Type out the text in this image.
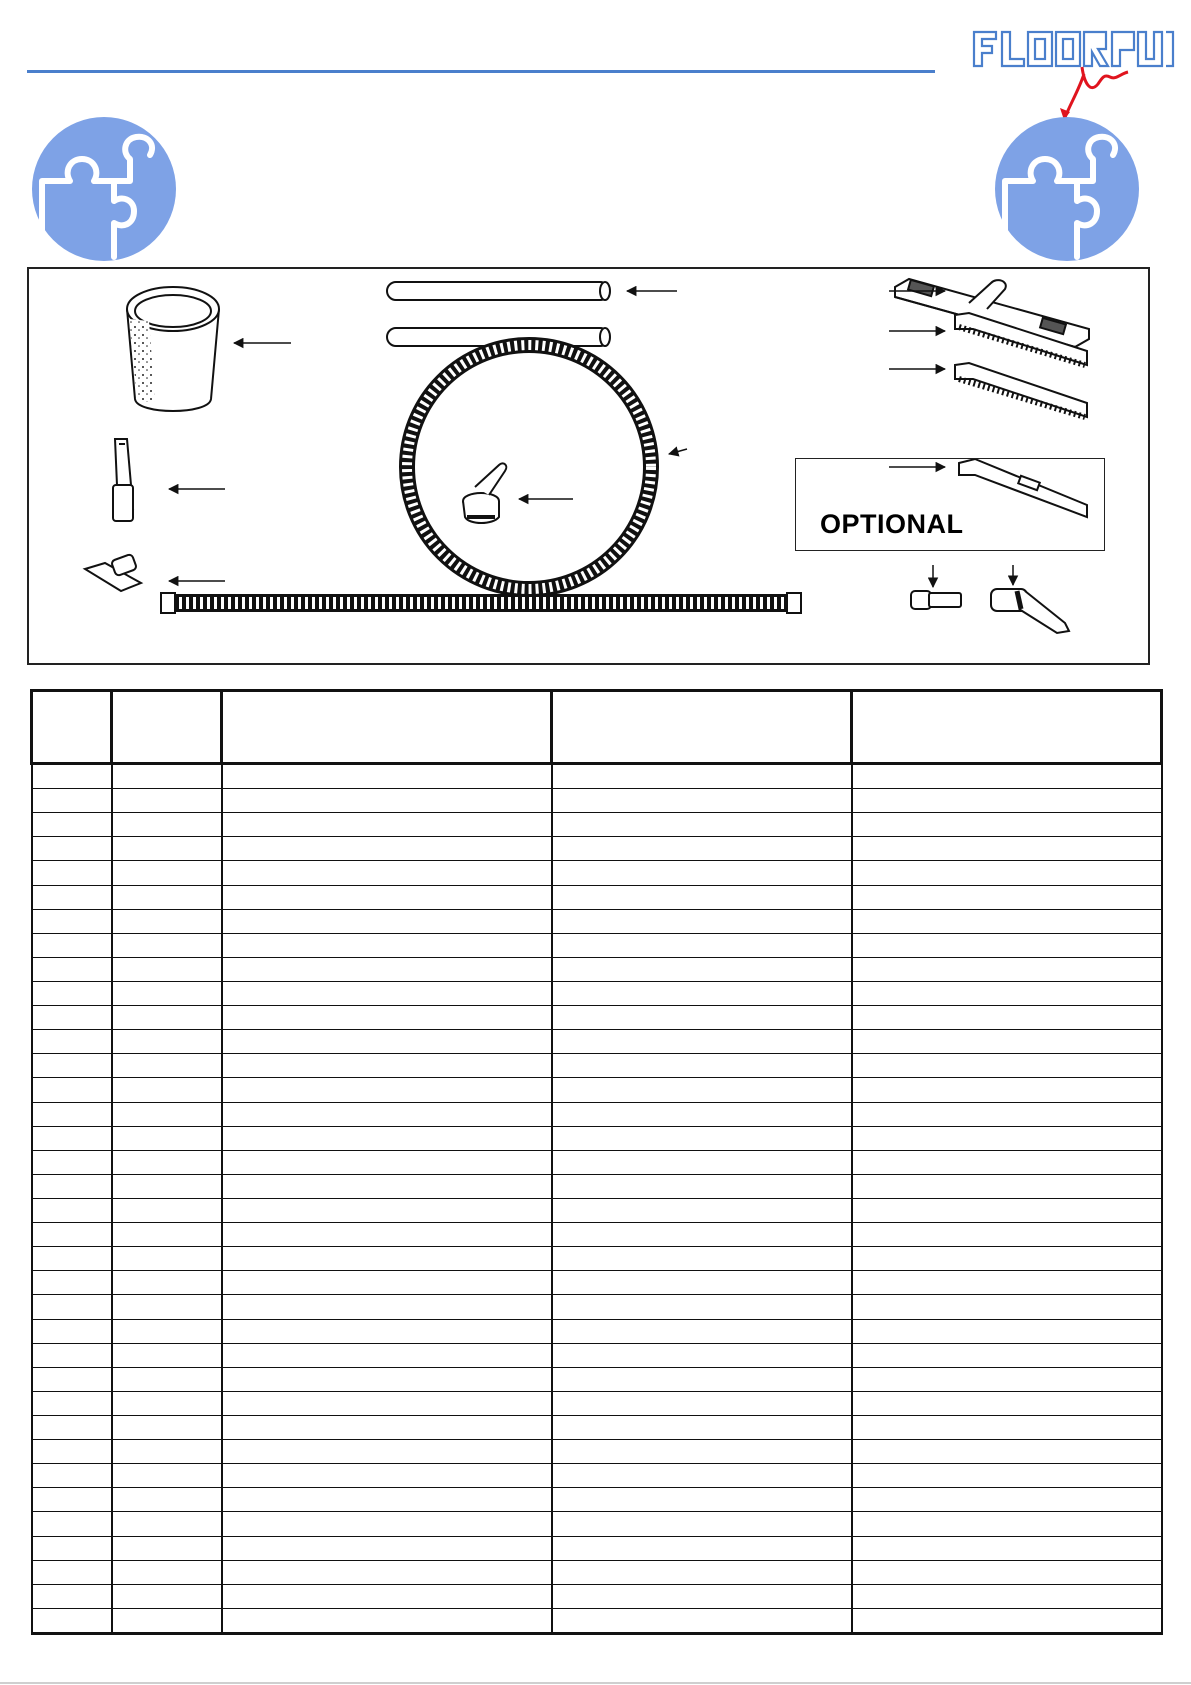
OPTIONAL
